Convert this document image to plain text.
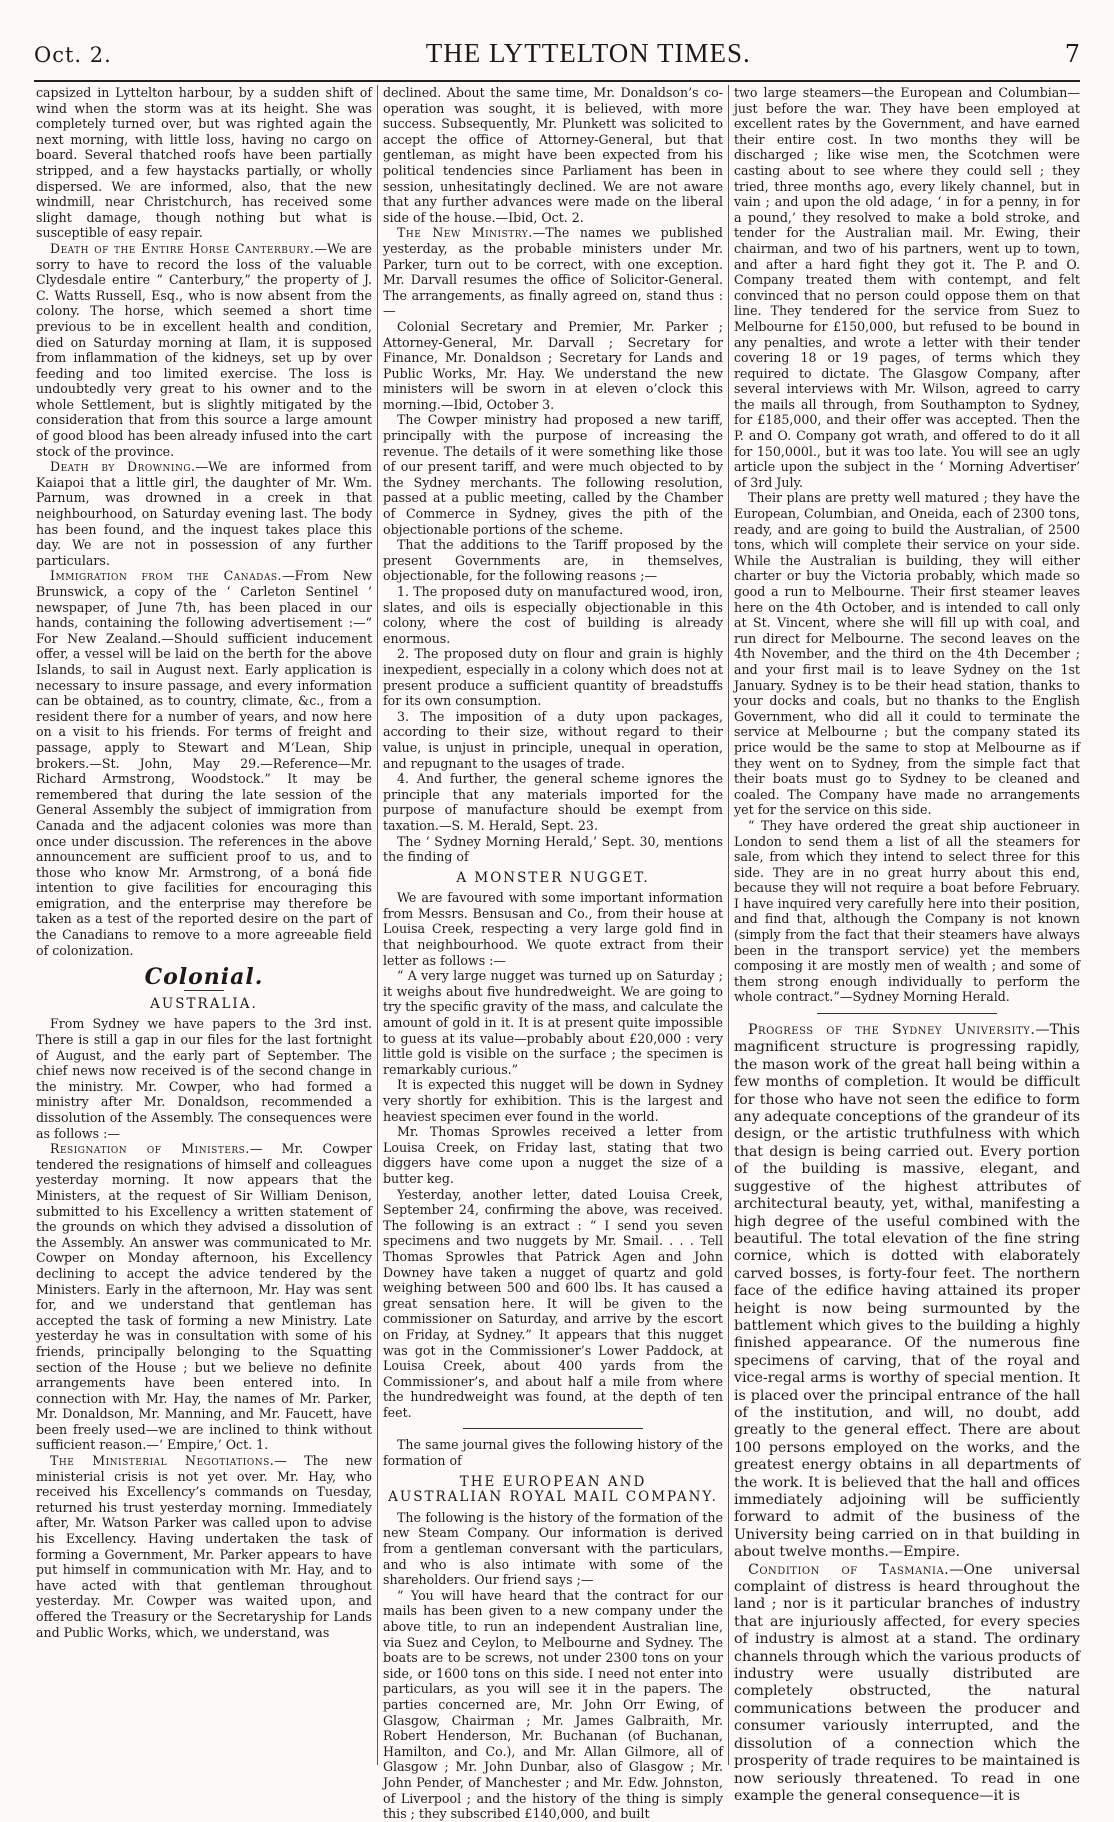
Oct. 2.	THE LYTTELTON TIMES.	7

capsized in Lyttelton harbour, by a sudden shift of wind when the storm was at its height. She was completely turned over, but was righted again the next morning, with little loss, having no cargo on board. Several thatched roofs have been partially stripped, and a few haystacks partially, or wholly dispersed. We are informed, also, that the new windmill, near Christchurch, has received some slight damage, though nothing but what is susceptible of easy repair.

Death of the Entire Horse Canterbury.—We are sorry to have to record the loss of the valuable Clydesdale entire “ Canterbury,” the property of J. C. Watts Russell, Esq., who is now absent from the colony. The horse, which seemed a short time previous to be in excellent health and condition, died on Saturday morning at Ilam, it is supposed from inflammation of the kidneys, set up by over feeding and too limited exercise. The loss is undoubtedly very great to his owner and to the whole Settlement, but is slightly mitigated by the consideration that from this source a large amount of good blood has been already infused into the cart stock of the province.

Death by Drowning.—We are informed from Kaiapoi that a little girl, the daughter of Mr. Wm. Parnum, was drowned in a creek in that neighbourhood, on Saturday evening last. The body has been found, and the inquest takes place this day. We are not in possession of any further particulars.

Immigration from the Canadas.—From New Brunswick, a copy of the ‘ Carleton Sentinel ’ newspaper, of June 7th, has been placed in our hands, containing the following advertisement :—“ For New Zealand.—Should sufficient inducement offer, a vessel will be laid on the berth for the above Islands, to sail in August next. Early application is necessary to insure passage, and every information can be obtained, as to country, climate, &c., from a resident there for a number of years, and now here on a visit to his friends. For terms of freight and passage, apply to Stewart and M‘Lean, Ship brokers.—St. John, May 29.—Reference—Mr. Richard Armstrong, Woodstock.” It may be remembered that during the late session of the General Assembly the subject of immigration from Canada and the adjacent colonies was more than once under discussion. The references in the above announcement are sufficient proof to us, and to those who know Mr. Armstrong, of a boná fide intention to give facilities for encouraging this emigration, and the enterprise may therefore be taken as a test of the reported desire on the part of the Canadians to remove to a more agreeable field of colonization.

Colonial.

AUSTRALIA.

From Sydney we have papers to the 3rd inst. There is still a gap in our files for the last fortnight of August, and the early part of September. The chief news now received is of the second change in the ministry. Mr. Cowper, who had formed a ministry after Mr. Donaldson, recommended a dissolution of the Assembly. The consequences were as follows :—

Resignation of Ministers.— Mr. Cowper tendered the resignations of himself and colleagues yesterday morning. It now appears that the Ministers, at the request of Sir William Denison, submitted to his Excellency a written statement of the grounds on which they advised a dissolution of the Assembly. An answer was communicated to Mr. Cowper on Monday afternoon, his Excellency declining to accept the advice tendered by the Ministers. Early in the afternoon, Mr. Hay was sent for, and we understand that gentleman has accepted the task of forming a new Ministry. Late yesterday he was in consultation with some of his friends, principally belonging to the Squatting section of the House ; but we believe no definite arrangements have been entered into. In connection with Mr. Hay, the names of Mr. Parker, Mr. Donaldson, Mr. Manning, and Mr. Faucett, have been freely used—we are inclined to think without sufficient reason.—‘ Empire,’ Oct. 1.

The Ministerial Negotiations.— The new ministerial crisis is not yet over. Mr. Hay, who received his Excellency’s commands on Tuesday, returned his trust yesterday morning. Immediately after, Mr. Watson Parker was called upon to advise his Excellency. Having undertaken the task of forming a Government, Mr. Parker appears to have put himself in communication with Mr. Hay, and to have acted with that gentleman throughout yesterday. Mr. Cowper was waited upon, and offered the Treasury or the Secretaryship for Lands and Public Works, which, we understand, was

declined. About the same time, Mr. Donaldson’s co-operation was sought, it is believed, with more success. Subsequently, Mr. Plunkett was solicited to accept the office of Attorney-General, but that gentleman, as might have been expected from his political tendencies since Parliament has been in session, unhesitatingly declined. We are not aware that any further advances were made on the liberal side of the house.—Ibid, Oct. 2.

The New Ministry.—The names we published yesterday, as the probable ministers under Mr. Parker, turn out to be correct, with one exception. Mr. Darvall resumes the office of Solicitor-General. The arrangements, as finally agreed on, stand thus :—

Colonial Secretary and Premier, Mr. Parker ; Attorney-General, Mr. Darvall ; Secretary for Finance, Mr. Donaldson ; Secretary for Lands and Public Works, Mr. Hay. We understand the new ministers will be sworn in at eleven o’clock this morning.—Ibid, October 3.

The Cowper ministry had proposed a new tariff, principally with the purpose of increasing the revenue. The details of it were something like those of our present tariff, and were much objected to by the Sydney merchants. The following resolution, passed at a public meeting, called by the Chamber of Commerce in Sydney, gives the pith of the objectionable portions of the scheme.

That the additions to the Tariff proposed by the present Governments are, in themselves, objectionable, for the following reasons ;—

1. The proposed duty on manufactured wood, iron, slates, and oils is especially objectionable in this colony, where the cost of building is already enormous.

2. The proposed duty on flour and grain is highly inexpedient, especially in a colony which does not at present produce a sufficient quantity of breadstuffs for its own consumption.

3. The imposition of a duty upon packages, according to their size, without regard to their value, is unjust in principle, unequal in operation, and repugnant to the usages of trade.

4. And further, the general scheme ignores the principle that any materials imported for the purpose of manufacture should be exempt from taxation.—S. M. Herald, Sept. 23.

The ‘ Sydney Morning Herald,’ Sept. 30, mentions the finding of

A MONSTER NUGGET.

We are favoured with some important information from Messrs. Bensusan and Co., from their house at Louisa Creek, respecting a very large gold find in that neighbourhood. We quote extract from their letter as follows :—

“ A very large nugget was turned up on Saturday ; it weighs about five hundredweight. We are going to try the specific gravity of the mass, and calculate the amount of gold in it. It is at present quite impossible to guess at its value—probably about £20,000 : very little gold is visible on the surface ; the specimen is remarkably curious.”

It is expected this nugget will be down in Sydney very shortly for exhibition. This is the largest and heaviest specimen ever found in the world.

Mr. Thomas Sprowles received a letter from Louisa Creek, on Friday last, stating that two diggers have come upon a nugget the size of a butter keg.

Yesterday, another letter, dated Louisa Creek, September 24, confirming the above, was received. The following is an extract : “ I send you seven specimens and two nuggets by Mr. Smail. . . . Tell Thomas Sprowles that Patrick Agen and John Downey have taken a nugget of quartz and gold weighing between 500 and 600 lbs. It has caused a great sensation here. It will be given to the commissioner on Saturday, and arrive by the escort on Friday, at Sydney.” It appears that this nugget was got in the Commissioner’s Lower Paddock, at Louisa Creek, about 400 yards from the Commissioner’s, and about half a mile from where the hundredweight was found, at the depth of ten feet.

The same journal gives the following history of the formation of

THE EUROPEAN AND

AUSTRALIAN ROYAL MAIL COMPANY.

The following is the history of the formation of the new Steam Company. Our information is derived from a gentleman conversant with the particulars, and who is also intimate with some of the shareholders. Our friend says ;—

“ You will have heard that the contract for our mails has been given to a new company under the above title, to run an independent Australian line, via Suez and Ceylon, to Melbourne and Sydney. The boats are to be screws, not under 2300 tons on your side, or 1600 tons on this side. I need not enter into particulars, as you will see it in the papers. The parties concerned are, Mr. John Orr Ewing, of Glasgow, Chairman ; Mr. James Galbraith, Mr. Robert Henderson, Mr. Buchanan (of Buchanan, Hamilton, and Co.), and Mr. Allan Gilmore, all of Glasgow ; Mr. John Dunbar, also of Glasgow ; Mr. John Pender, of Manchester ; and Mr. Edw. Johnston, of Liverpool ; and the history of the thing is simply this ; they subscribed £140,000, and built

two large steamers—the European and Columbian—just before the war. They have been employed at excellent rates by the Government, and have earned their entire cost. In two months they will be discharged ; like wise men, the Scotchmen were casting about to see where they could sell ; they tried, three months ago, every likely channel, but in vain ; and upon the old adage, ‘ in for a penny, in for a pound,’ they resolved to make a bold stroke, and tender for the Australian mail. Mr. Ewing, their chairman, and two of his partners, went up to town, and after a hard fight they got it. The P. and O. Company treated them with contempt, and felt convinced that no person could oppose them on that line. They tendered for the service from Suez to Melbourne for £150,000, but refused to be bound in any penalties, and wrote a letter with their tender covering 18 or 19 pages, of terms which they required to dictate. The Glasgow Company, after several interviews with Mr. Wilson, agreed to carry the mails all through, from Southampton to Sydney, for £185,000, and their offer was accepted. Then the P. and O. Company got wrath, and offered to do it all for 150,000l., but it was too late. You will see an ugly article upon the subject in the ‘ Morning Advertiser’ of 3rd July.

Their plans are pretty well matured ; they have the European, Columbian, and Oneida, each of 2300 tons, ready, and are going to build the Australian, of 2500 tons, which will complete their service on your side. While the Australian is building, they will either charter or buy the Victoria probably, which made so good a run to Melbourne. Their first steamer leaves here on the 4th October, and is intended to call only at St. Vincent, where she will fill up with coal, and run direct for Melbourne. The second leaves on the 4th November, and the third on the 4th December ; and your first mail is to leave Sydney on the 1st January. Sydney is to be their head station, thanks to your docks and coals, but no thanks to the English Government, who did all it could to terminate the service at Melbourne ; but the company stated its price would be the same to stop at Melbourne as if they went on to Sydney, from the simple fact that their boats must go to Sydney to be cleaned and coaled. The Company have made no arrangements yet for the service on this side.

“ They have ordered the great ship auctioneer in London to send them a list of all the steamers for sale, from which they intend to select three for this side. They are in no great hurry about this end, because they will not require a boat before February. I have inquired very carefully here into their position, and find that, although the Company is not known (simply from the fact that their steamers have always been in the transport service) yet the members composing it are mostly men of wealth ; and some of them strong enough individually to perform the whole contract.”—Sydney Morning Herald.

Progress of the Sydney University.—This magnificent structure is progressing rapidly, the mason work of the great hall being within a few months of completion. It would be difficult for those who have not seen the edifice to form any adequate conceptions of the grandeur of its design, or the artistic truthfulness with which that design is being carried out. Every portion of the building is massive, elegant, and suggestive of the highest attributes of architectural beauty, yet, withal, manifesting a high degree of the useful combined with the beautiful. The total elevation of the fine string cornice, which is dotted with elaborately carved bosses, is forty-four feet. The northern face of the edifice having attained its proper height is now being surmounted by the battlement which gives to the building a highly finished appearance. Of the numerous fine specimens of carving, that of the royal and vice-regal arms is worthy of special mention. It is placed over the principal entrance of the hall of the institution, and will, no doubt, add greatly to the general effect. There are about 100 persons employed on the works, and the greatest energy obtains in all departments of the work. It is believed that the hall and offices immediately adjoining will be sufficiently forward to admit of the business of the University being carried on in that building in about twelve months.—Empire.

Condition of Tasmania.—One universal complaint of distress is heard throughout the land ; nor is it particular branches of industry that are injuriously affected, for every species of industry is almost at a stand. The ordinary channels through which the various products of industry were usually distributed are completely obstructed, the natural communications between the producer and consumer variously interrupted, and the dissolution of a connection which the prosperity of trade requires to be maintained is now seriously threatened. To read in one example the general consequence—it is
